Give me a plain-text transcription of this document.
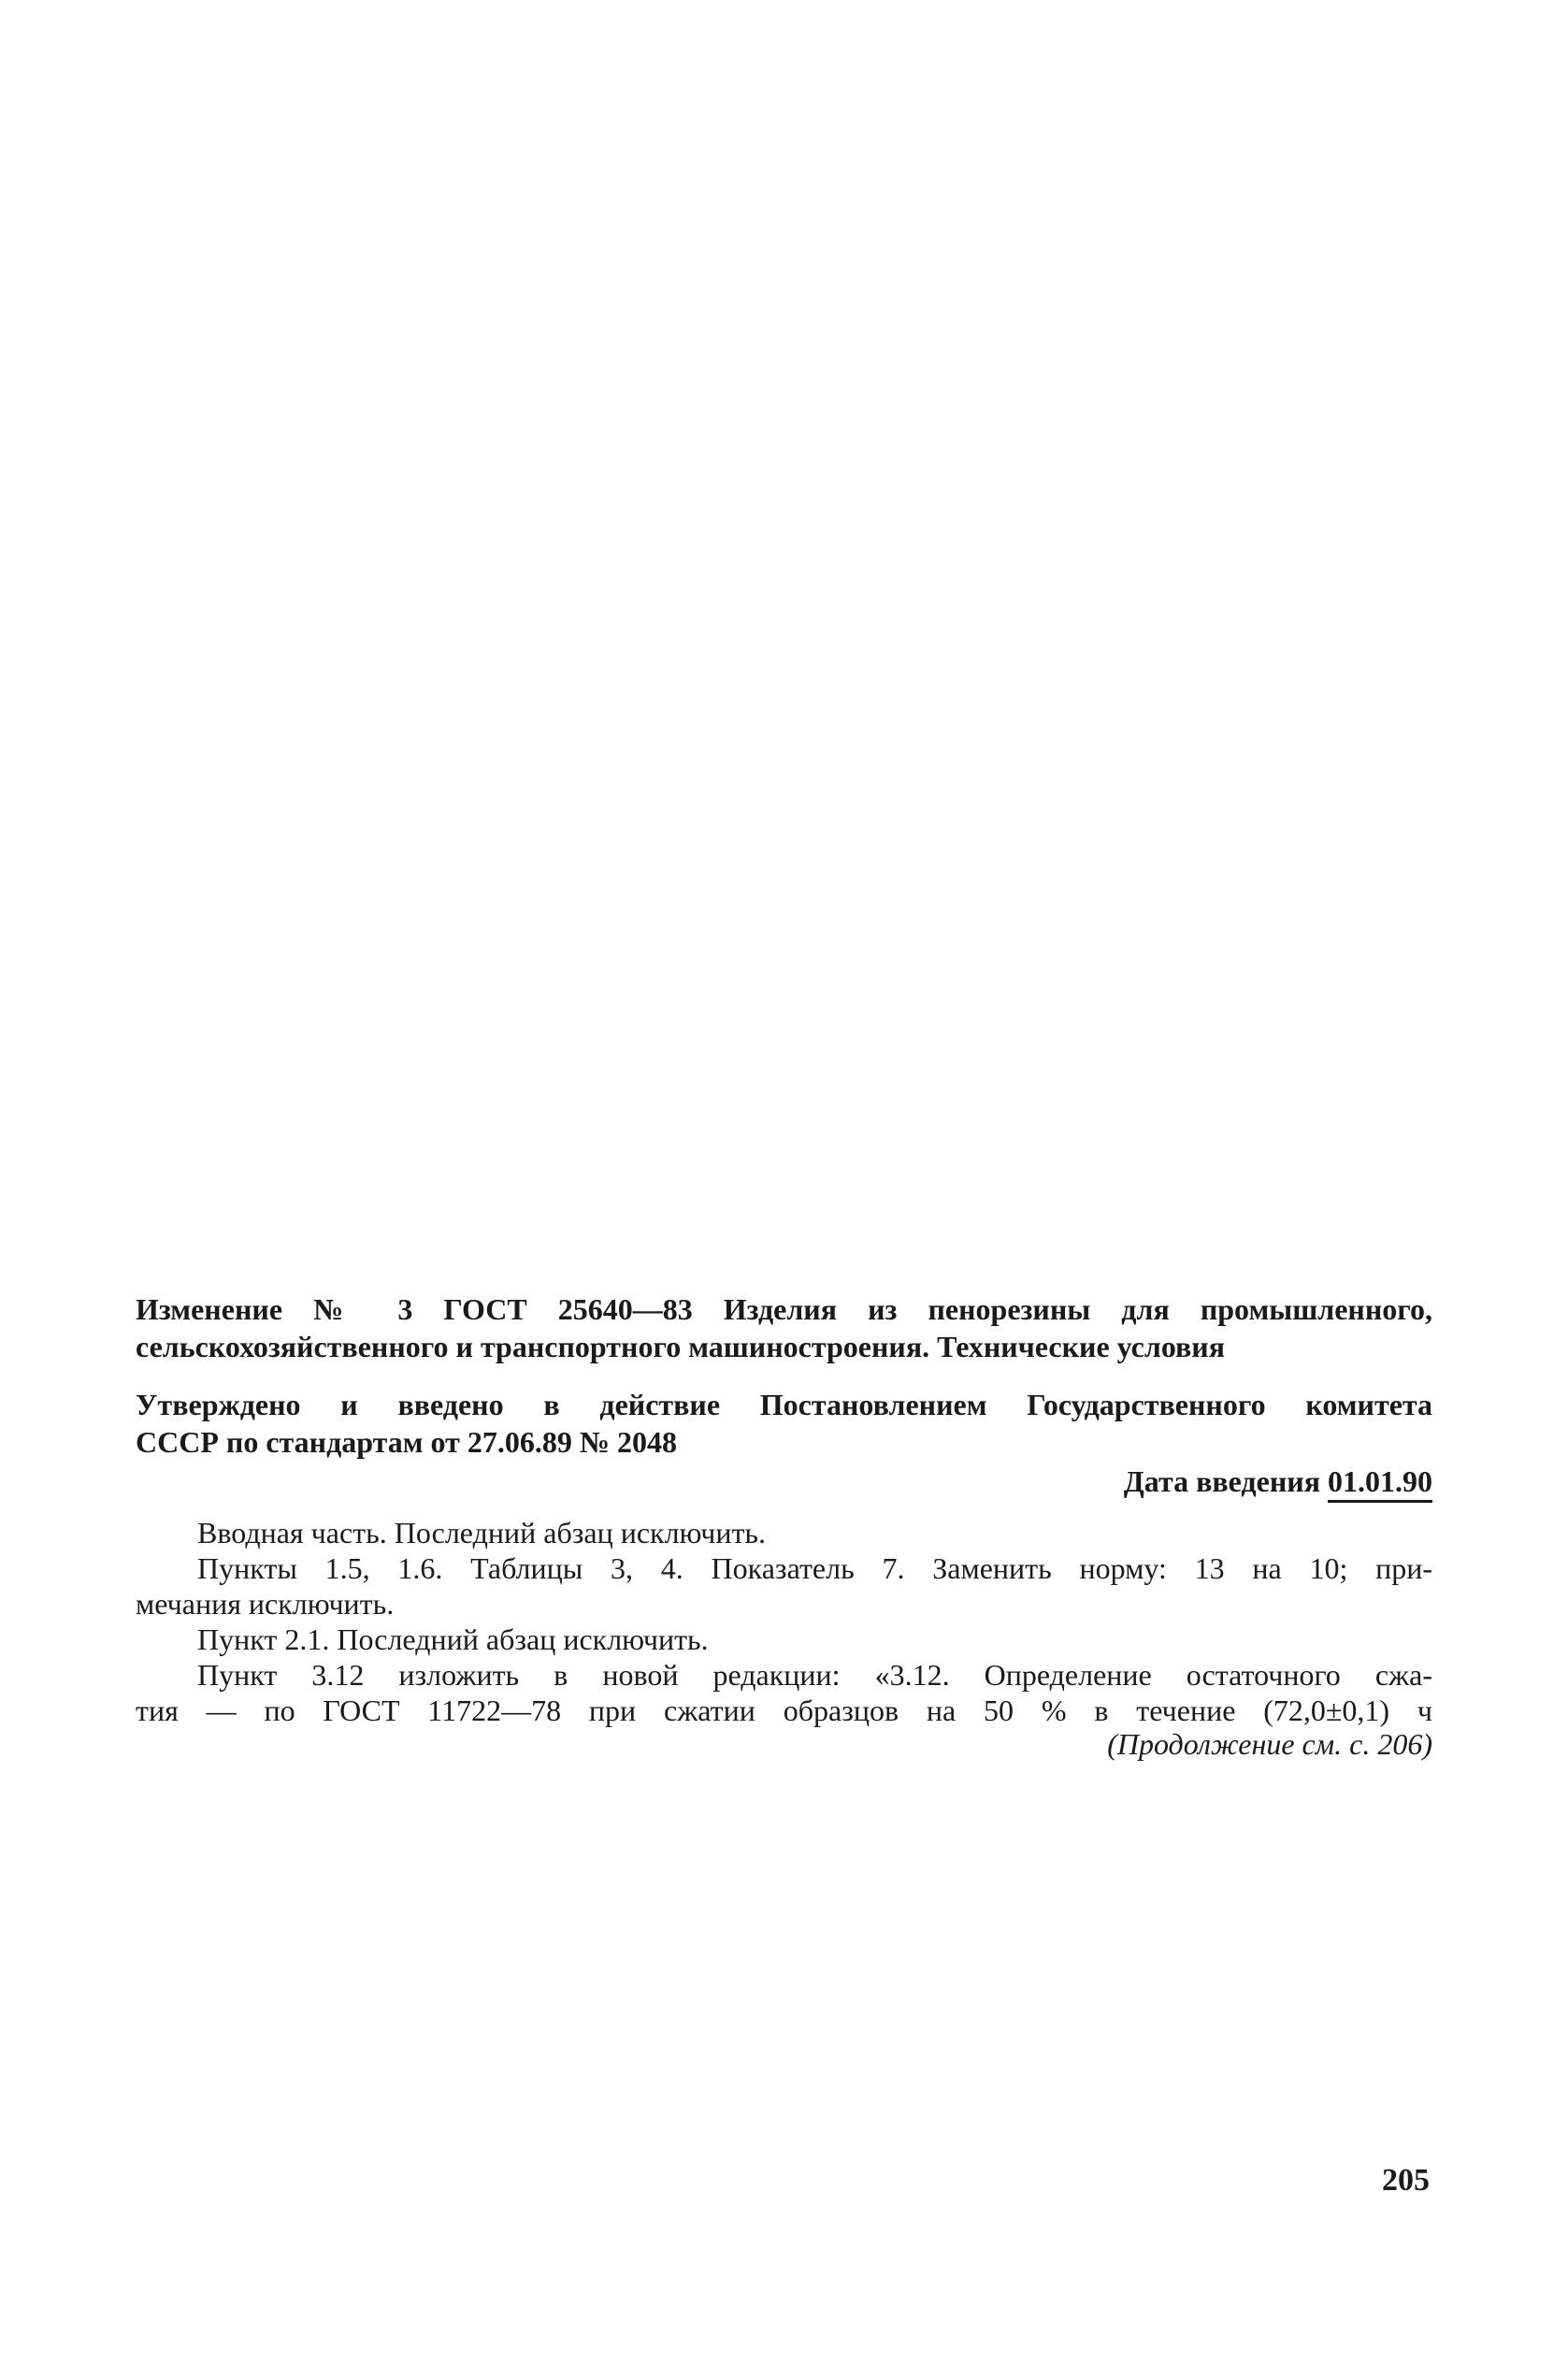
Изменение № 3 ГОСТ 25640—83 Изделия из пенорезины для промышленного,
сельскохозяйственного и транспортного машиностроения. Технические условия
Утверждено и введено в действие Постановлением Государственного комитета
СССР по стандартам от 27.06.89 № 2048
Дата введения 01.01.90

Вводная часть. Последний абзац исключить.

Пункты 1.5, 1.6. Таблицы 3, 4. Показатель 7. Заменить норму: 13 на 10; при-

мечания исключить.

Пункт 2.1. Последний абзац исключить.

Пункт 3.12 изложить в новой редакции: «3.12. Определение остаточного сжа-

тия — по ГОСТ 11722—78 при сжатии образцов на 50 % в течение (72,0±0,1) ч

(Продолжение см. с. 206)
205
